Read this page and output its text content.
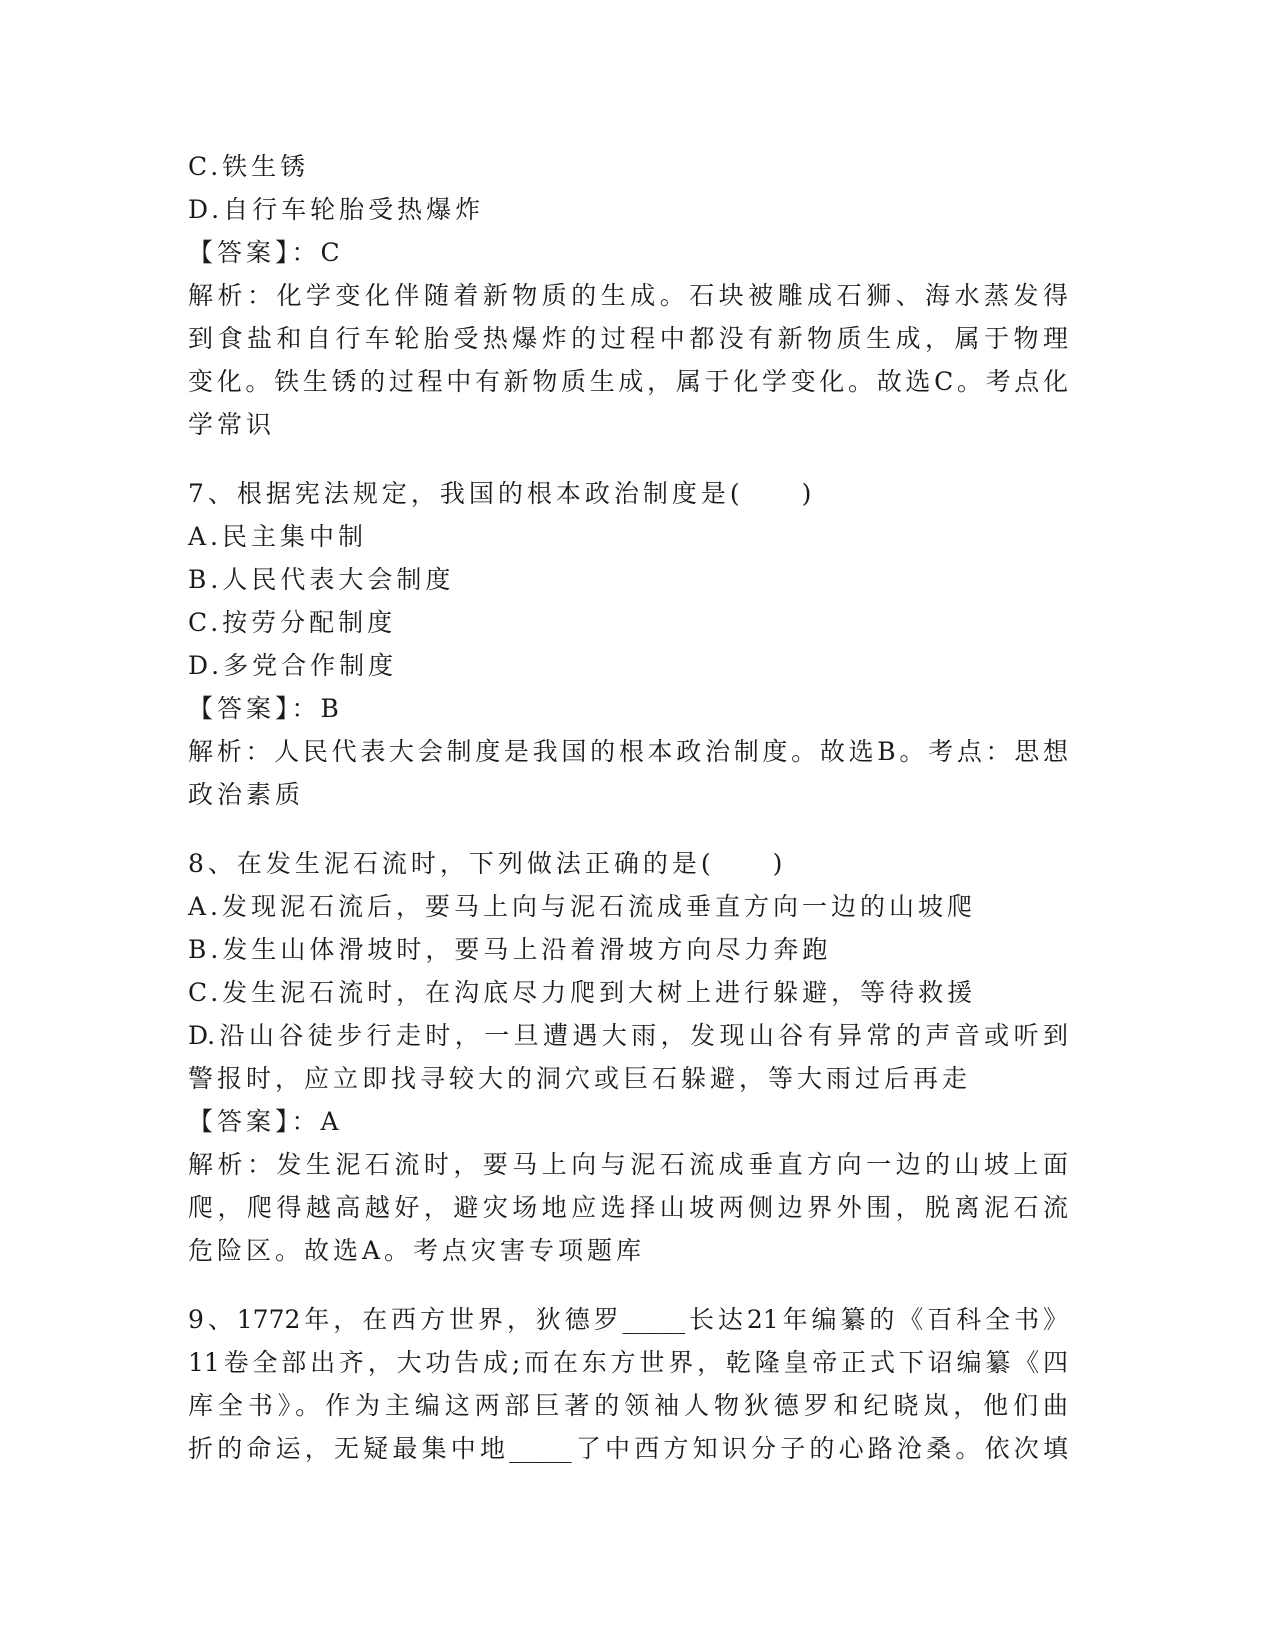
C.铁生锈
D.自行车轮胎受热爆炸
【答案】：C
解析：化学变化伴随着新物质的生成。石块被雕成石狮、海水蒸发得
到食盐和自行车轮胎受热爆炸的过程中都没有新物质生成，属于物理
变化。铁生锈的过程中有新物质生成，属于化学变化。故选C。考点化
学常识
7、根据宪法规定，我国的根本政治制度是(　　)
A.民主集中制
B.人民代表大会制度
C.按劳分配制度
D.多党合作制度
【答案】：B
解析：人民代表大会制度是我国的根本政治制度。故选B。考点：思想
政治素质
8、在发生泥石流时，下列做法正确的是(　　)
A.发现泥石流后，要马上向与泥石流成垂直方向一边的山坡爬
B.发生山体滑坡时，要马上沿着滑坡方向尽力奔跑
C.发生泥石流时，在沟底尽力爬到大树上进行躲避，等待救援
D.沿山谷徒步行走时，一旦遭遇大雨，发现山谷有异常的声音或听到
警报时，应立即找寻较大的洞穴或巨石躲避，等大雨过后再走
【答案】：A
解析：发生泥石流时，要马上向与泥石流成垂直方向一边的山坡上面
爬，爬得越高越好，避灾场地应选择山坡两侧边界外围，脱离泥石流
危险区。故选A。考点灾害专项题库
9、1772年，在西方世界，狄德罗_____长达21年编纂的《百科全书》
11卷全部出齐，大功告成;而在东方世界，乾隆皇帝正式下诏编纂《四
库全书》。作为主编这两部巨著的领袖人物狄德罗和纪晓岚，他们曲
折的命运，无疑最集中地_____了中西方知识分子的心路沧桑。依次填
